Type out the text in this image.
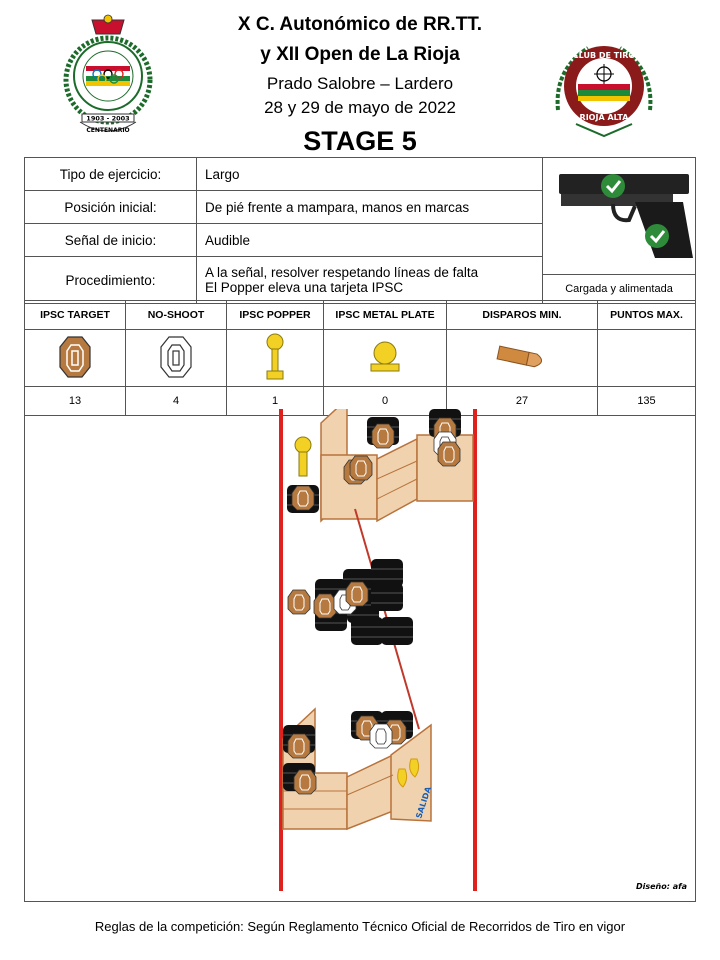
1903 - 2003
CENTENARIO
X C. Autonómico de RR.TT.
y XII Open de La Rioja
Prado Salobre – Lardero
28 y 29 de mayo de 2022
STAGE 5
CLUB DE TIRO
RIOJA ALTA
Tipo de ejercicio:	Largo	Cargada y alimentada

Posición inicial:	De pié frente a mampara, manos en marcas	
Señal de inicio:	Audible	
Procedimiento:	A la señal, resolver respetando líneas de falta
El Popper eleva una tarjeta IPSC	
IPSC TARGET	NO-SHOOT	IPSC POPPER	IPSC METAL PLATE	DISPAROS MIN.	PUNTOS MAX.

13	4	1	0	27	135
SALIDA
Diseño: afa
Reglas de la competición: Según Reglamento Técnico Oficial de Recorridos de Tiro en vigor
